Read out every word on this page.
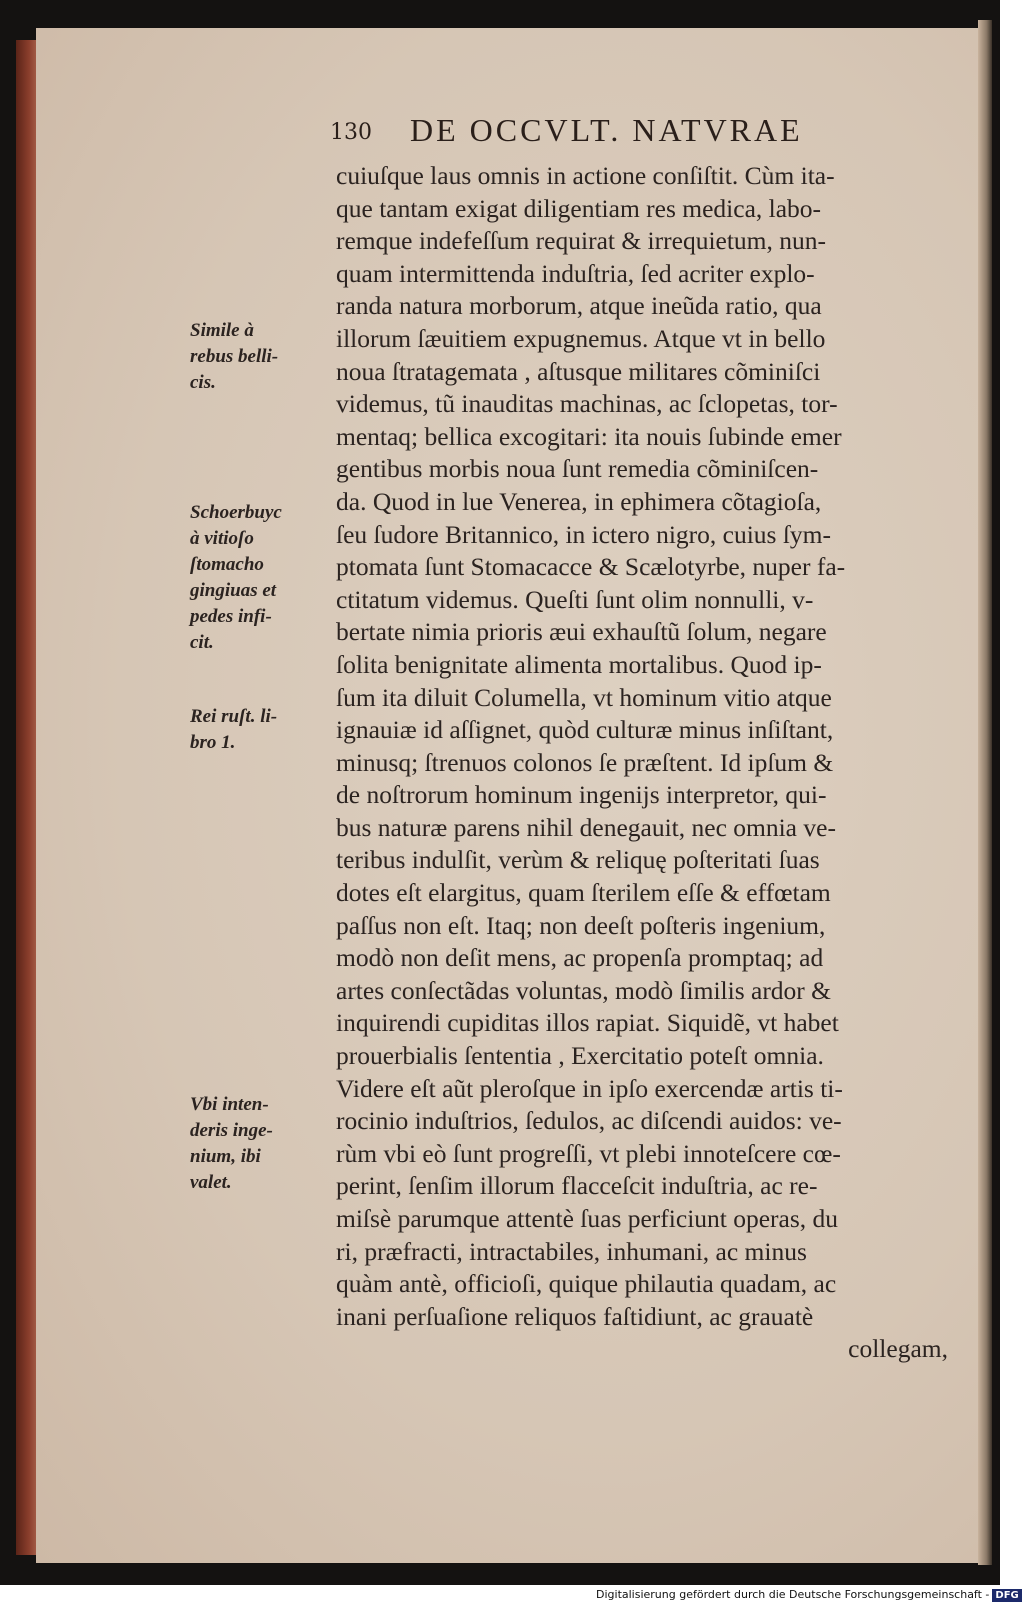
130 DE OCCVLT. NATVRAE
cuiuſque laus omnis in actione conſiſtit. Cùm ita-
que tantam exigat diligentiam res medica, labo-
remque indefeſſum requirat & irrequietum, nun-
quam intermittenda induſtria, ſed acriter explo-
randa natura morborum, atque ineũda ratio, qua
illorum ſæuitiem expugnemus. Atque vt in bello
noua ſtratagemata , aſtusque militares cõminiſci
videmus, tũ inauditas machinas, ac ſclopetas, tor-
mentaq; bellica excogitari: ita nouis ſubinde emer
gentibus morbis noua ſunt remedia cõminiſcen-
da. Quod in lue Venerea, in ephimera cõtagioſa,
ſeu ſudore Britannico, in ictero nigro, cuius ſym-
ptomata ſunt Stomacacce & Scælotyrbe, nuper fa-
ctitatum videmus. Queſti ſunt olim nonnulli, v-
bertate nimia prioris æui exhauſtũ ſolum, negare
ſolita benignitate alimenta mortalibus. Quod ip-
ſum ita diluit Columella, vt hominum vitio atque
ignauiæ id aſſignet, quòd culturæ minus inſiſtant,
minusq; ſtrenuos colonos ſe præſtent. Id ipſum &
de noſtrorum hominum ingenijs interpretor, qui-
bus naturæ parens nihil denegauit, nec omnia ve-
teribus indulſit, verùm & reliquę poſteritati ſuas
dotes eſt elargitus, quam ſterilem eſſe & effœtam
paſſus non eſt. Itaq; non deeſt poſteris ingenium,
modò non deſit mens, ac propenſa promptaq; ad
artes conſectãdas voluntas, modò ſimilis ardor &
inquirendi cupiditas illos rapiat. Siquidẽ, vt habet
prouerbialis ſententia , Exercitatio poteſt omnia.
Videre eſt aũt pleroſque in ipſo exercendæ artis ti-
rocinio induſtrios, ſedulos, ac diſcendi auidos: ve-
rùm vbi eò ſunt progreſſi, vt plebi innoteſcere cœ-
perint, ſenſim illorum flacceſcit induſtria, ac re-
miſsè parumque attentè ſuas perficiunt operas, du
ri, præfracti, intractabiles, inhumani, ac minus
quàm antè, officioſi, quique philautia quadam, ac
inani perſuaſione reliquos faſtidiunt, ac grauatè
collegam,
Simile à
rebus belli-
cis.
Schoerbuyc
à vitioſo
ſtomacho
gingiuas et
pedes infi-
cit.
Rei ruſt. li-
bro 1.
Vbi inten-
deris inge-
nium, ibi
valet.
Digitalisierung gefördert durch die Deutsche Forschungsgemeinschaft - DFG
